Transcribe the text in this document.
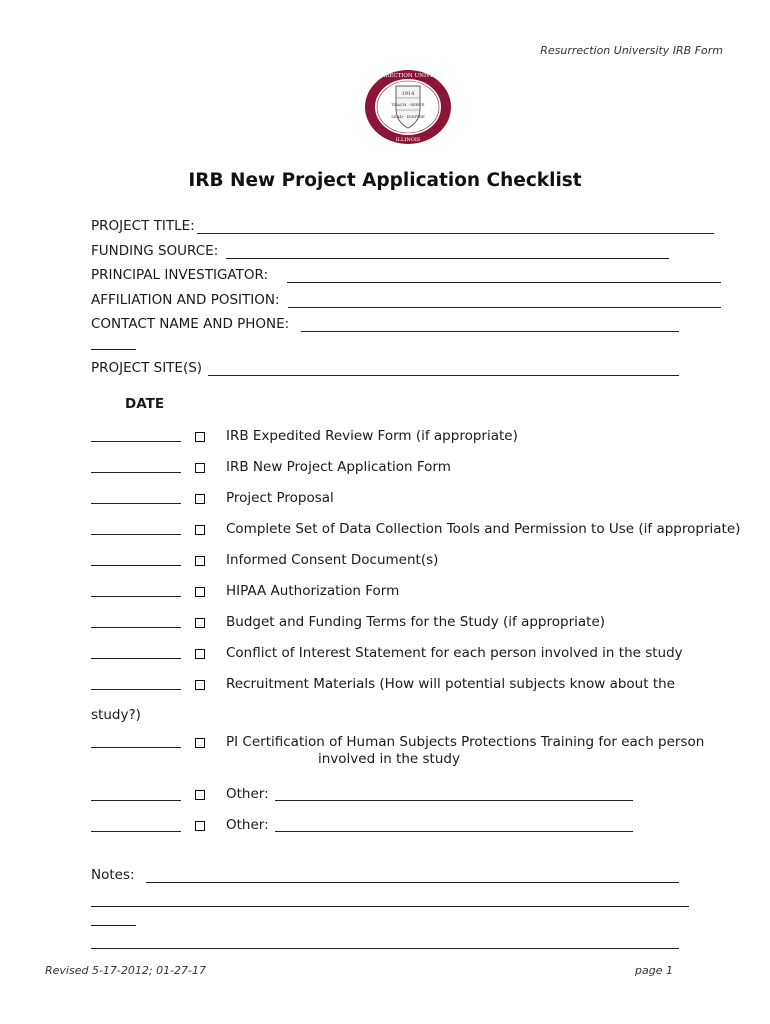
Resurrection University IRB Form
1914
TEACH · SERVE
LEAD · INSPIRE
RESURRECTION UNIVERSITY
ILLINOIS
IRB New Project Application Checklist
PROJECT TITLE:
FUNDING SOURCE:
PRINCIPAL INVESTIGATOR:
AFFILIATION AND POSITION:
CONTACT NAME AND PHONE:
PROJECT SITE(S)
DATE
IRB Expedited Review Form (if appropriate)
IRB New Project Application Form
Project Proposal
Complete Set of Data Collection Tools and Permission to Use (if appropriate)
Informed Consent Document(s)
HIPAA Authorization Form
Budget and Funding Terms for the Study (if appropriate)
Conflict of Interest Statement for each person involved in the study
Recruitment Materials (How will potential subjects know about the
study?)
PI Certification of Human Subjects Protections Training for each person
involved in the study
Other:
Other:
Notes:
Revised 5-17-2012; 01-27-17	page 1
